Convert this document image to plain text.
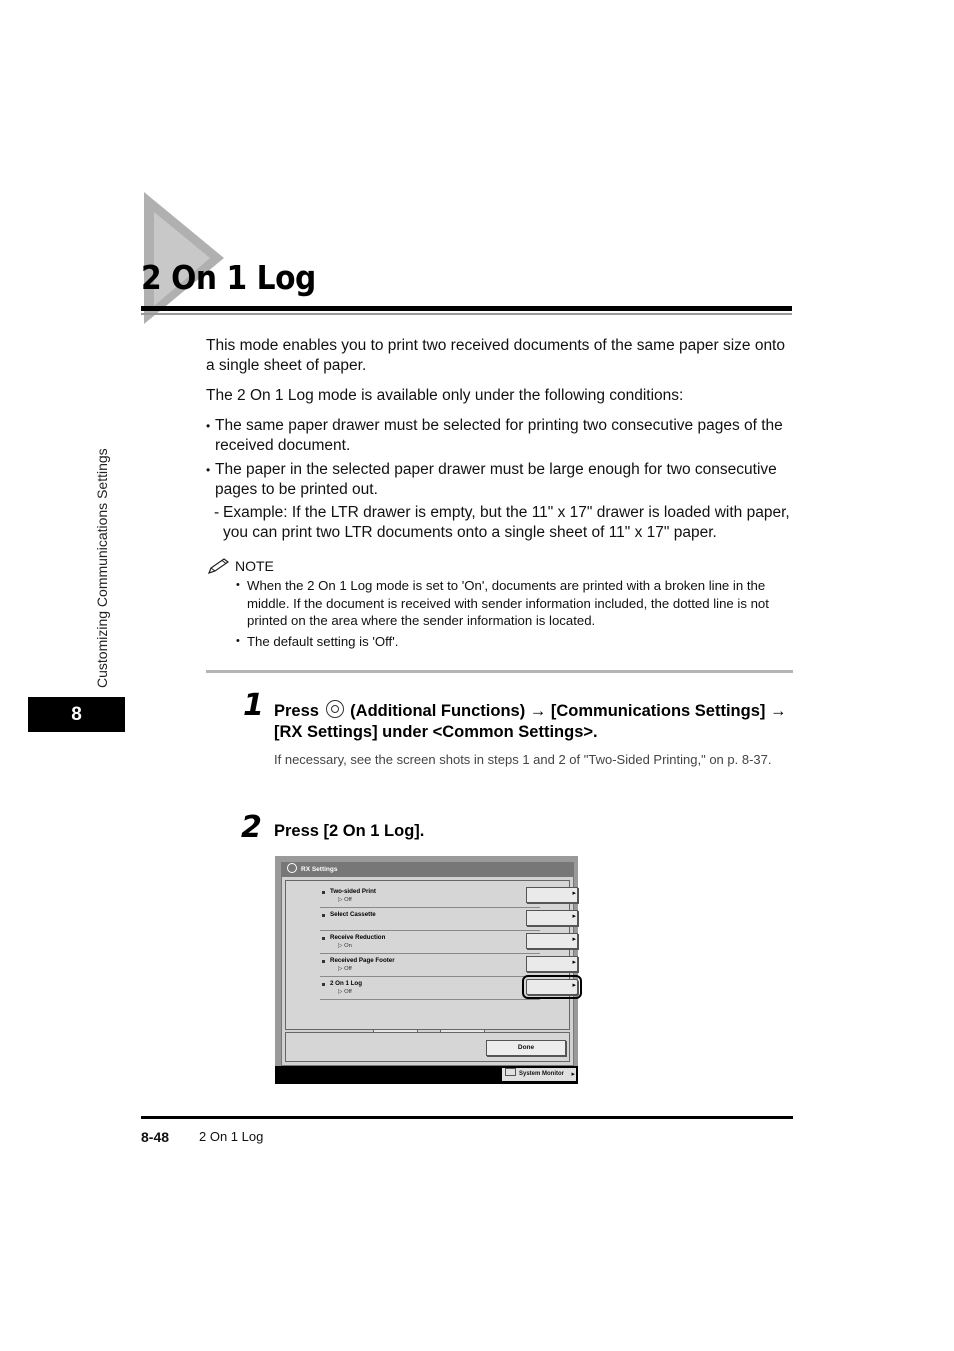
2 On 1 Log
Customizing Communications Settings
8
This mode enables you to print two received documents of the same paper size onto a single sheet of paper.
The 2 On 1 Log mode is available only under the following conditions:
• The same paper drawer must be selected for printing two consecutive pages of the received document.
• The paper in the selected paper drawer must be large enough for two consecutive pages to be printed out.
- Example: If the LTR drawer is empty, but the 11" x 17" drawer is loaded with paper, you can print two LTR documents onto a single sheet of 11" x 17" paper.
NOTE
• When the 2 On 1 Log mode is set to 'On', documents are printed with a broken line in the middle. If the document is received with sender information included, the dotted line is not printed on the area where the sender information is located.
• The default setting is 'Off'.
1 Press (Additional Functions) → [Communications Settings] → [RX Settings] under <Common Settings>.
If necessary, see the screen shots in steps 1 and 2 of "Two-Sided Printing," on p. 8-37.
2 Press [2 On 1 Log].
RX Settings
Two-sided Print
▷ Off
▸
Select Cassette
▸
Receive Reduction
▷ On
▸
Received Page Footer
▷ Off
▸
2 On 1 Log
▷ Off
▸
Done
System Monitor ▸
8-48 2 On 1 Log
